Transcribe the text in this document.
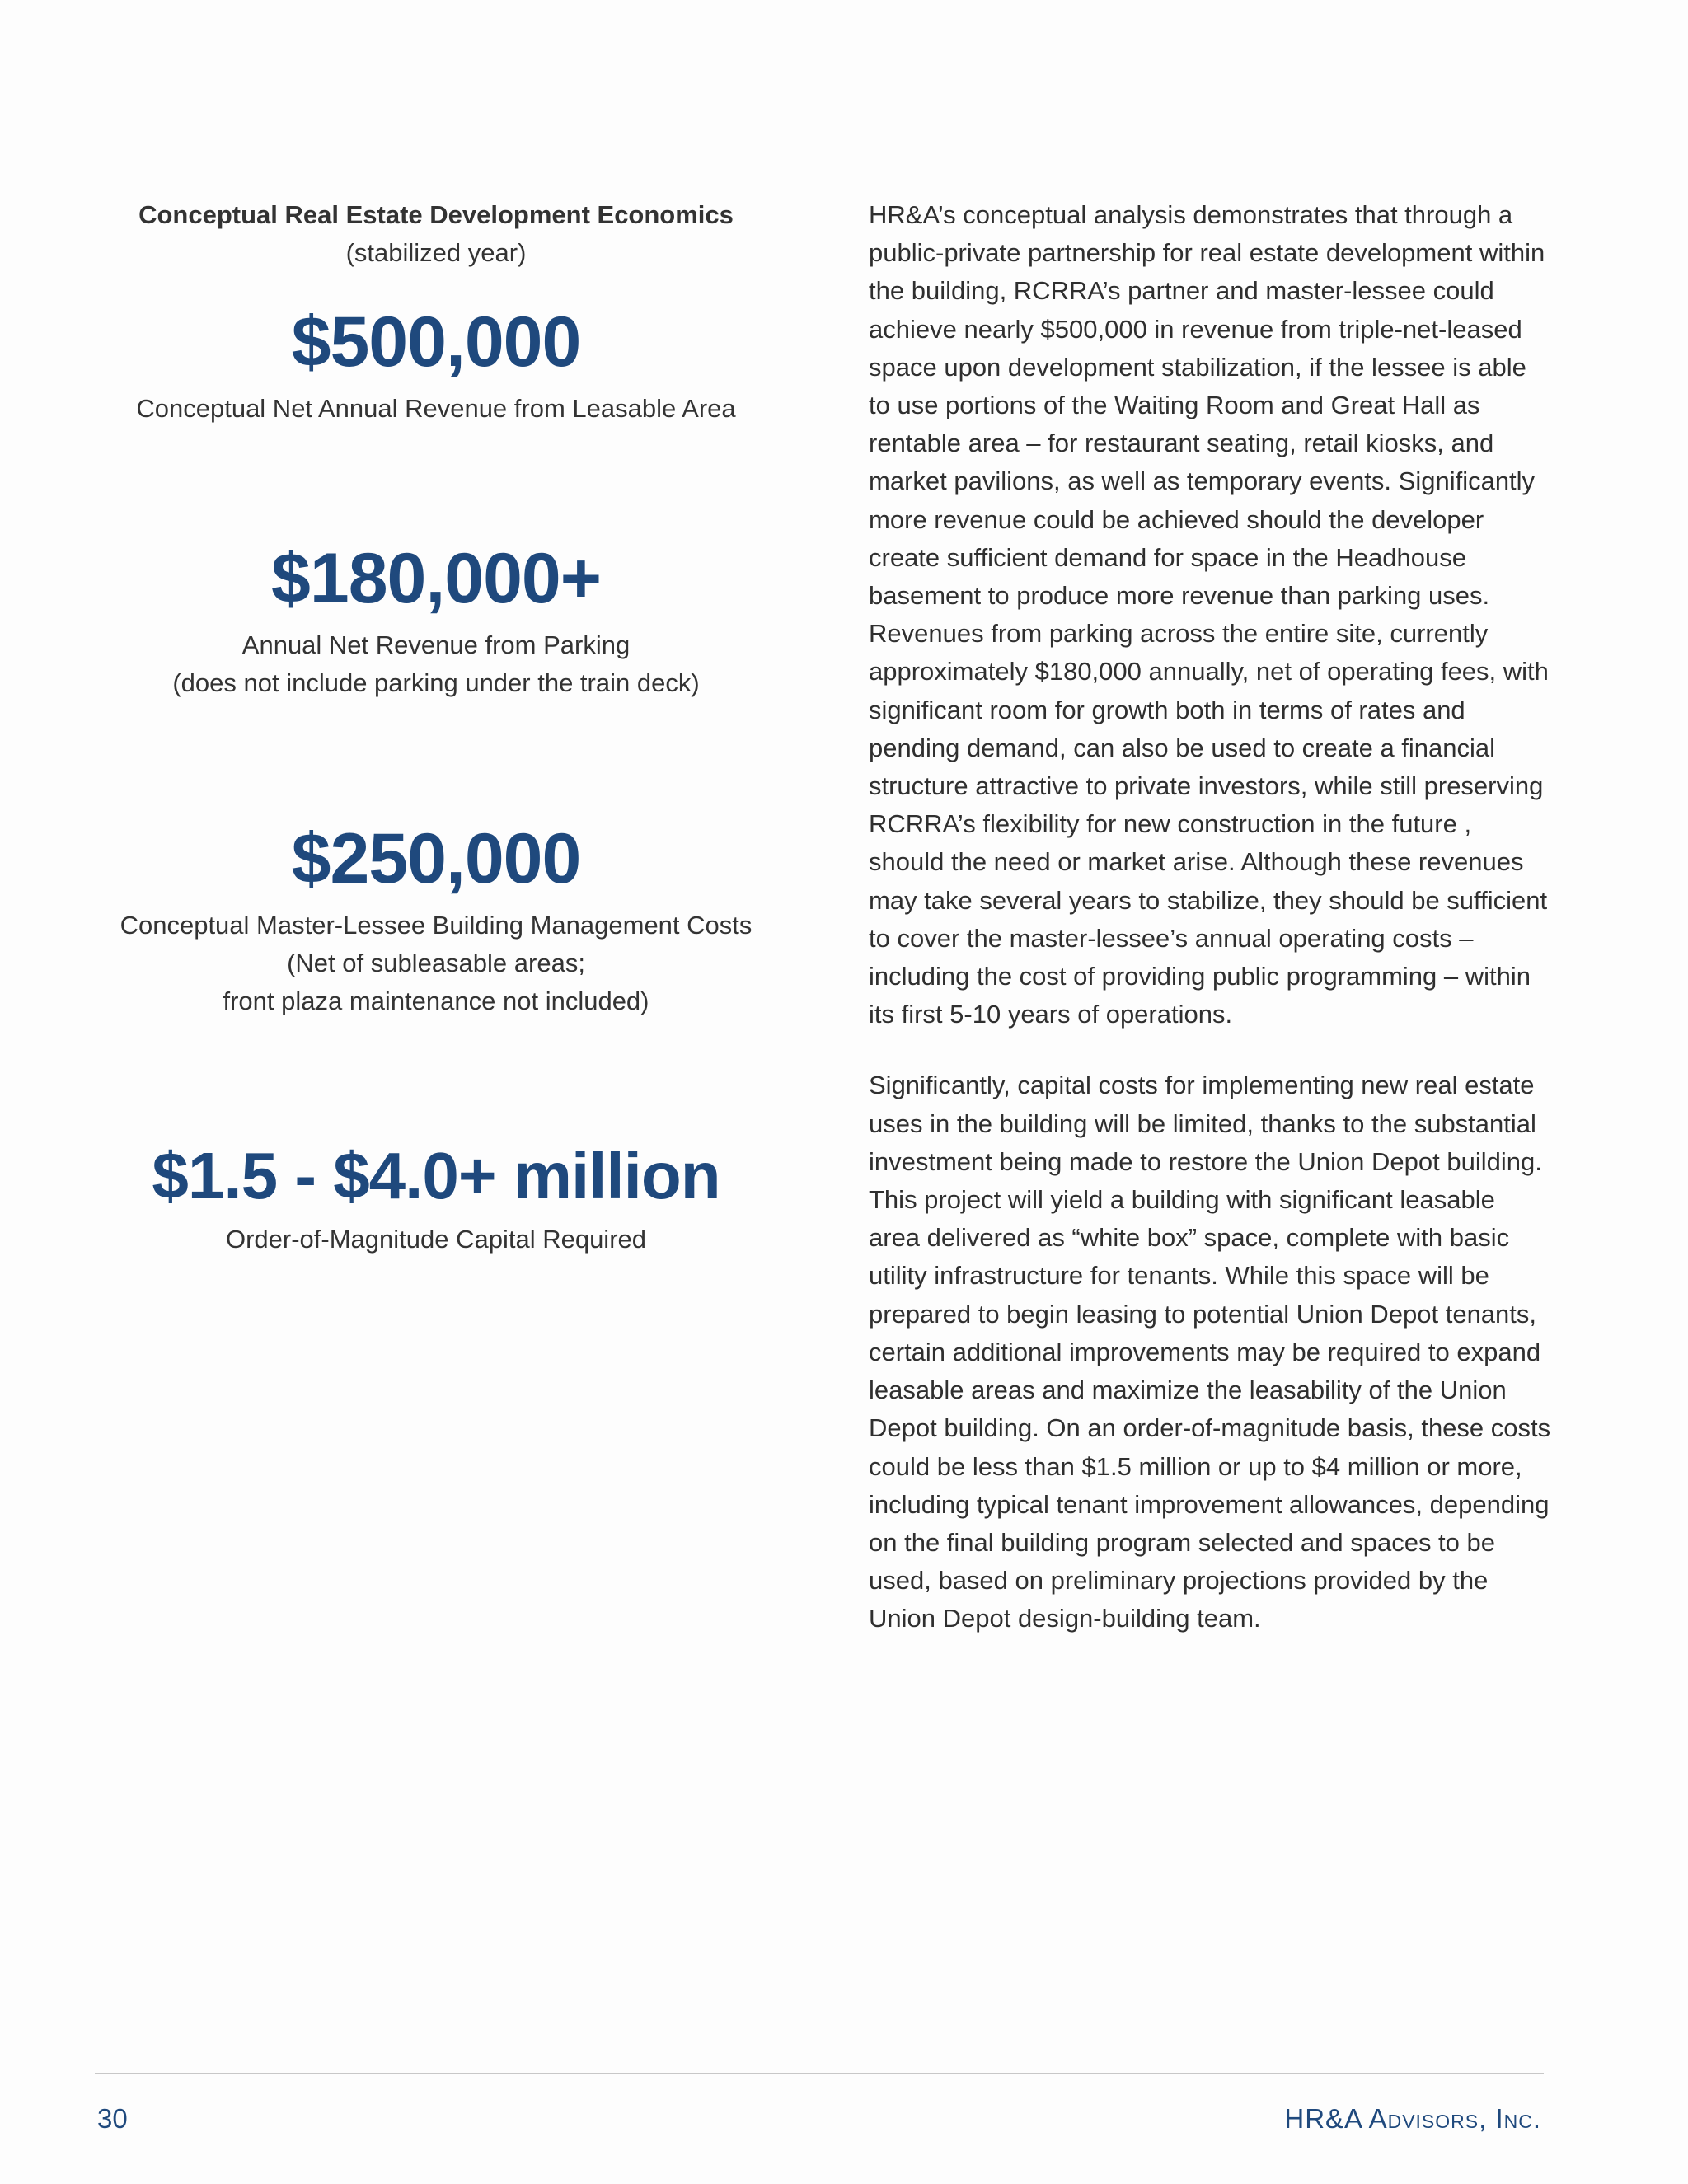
Conceptual Real Estate Development Economics
(stabilized year)
$500,000
Conceptual Net Annual Revenue from Leasable Area
$180,000+
Annual Net Revenue from Parking
(does not include parking under the train deck)
$250,000
Conceptual Master-Lessee Building Management Costs
(Net of subleasable areas;
front plaza maintenance not included)
$1.5 - $4.0+ million
Order-of-Magnitude Capital Required

HR&A’s conceptual analysis demonstrates that through a public-private partnership for real estate development within the building, RCRRA’s partner and master-lessee could achieve nearly $500,000 in revenue from triple-net-leased space upon development stabilization, if the lessee is able to use portions of the Waiting Room and Great Hall as rentable area – for restaurant seating, retail kiosks, and market pavilions, as well as temporary events. Significantly more revenue could be achieved should the developer create sufficient demand for space in the Headhouse basement to produce more revenue than parking uses. Revenues from parking across the entire site, currently approximately $180,000 annually, net of operating fees, with significant room for growth both in terms of rates and pending demand, can also be used to create a financial structure attractive to private investors, while still preserving RCRRA’s flexibility for new construction in the future , should the need or market arise. Although these revenues may take several years to stabilize, they should be sufficient to cover the master-lessee’s annual operating costs – including the cost of providing public programming – within its first 5-10 years of operations.

Significantly, capital costs for implementing new real estate uses in the building will be limited, thanks to the substantial investment being made to restore the Union Depot building. This project will yield a building with significant leasable area delivered as “white box” space, complete with basic utility infrastructure for tenants. While this space will be prepared to begin leasing to potential Union Depot tenants, certain additional improvements may be required to expand leasable areas and maximize the leasability of the Union Depot building. On an order-of-magnitude basis, these costs could be less than $1.5 million or up to $4 million or more, including typical tenant improvement allowances, depending on the final building program selected and spaces to be used, based on preliminary projections provided by the Union Depot design-building team.

30	HR&A Advisors, Inc.
